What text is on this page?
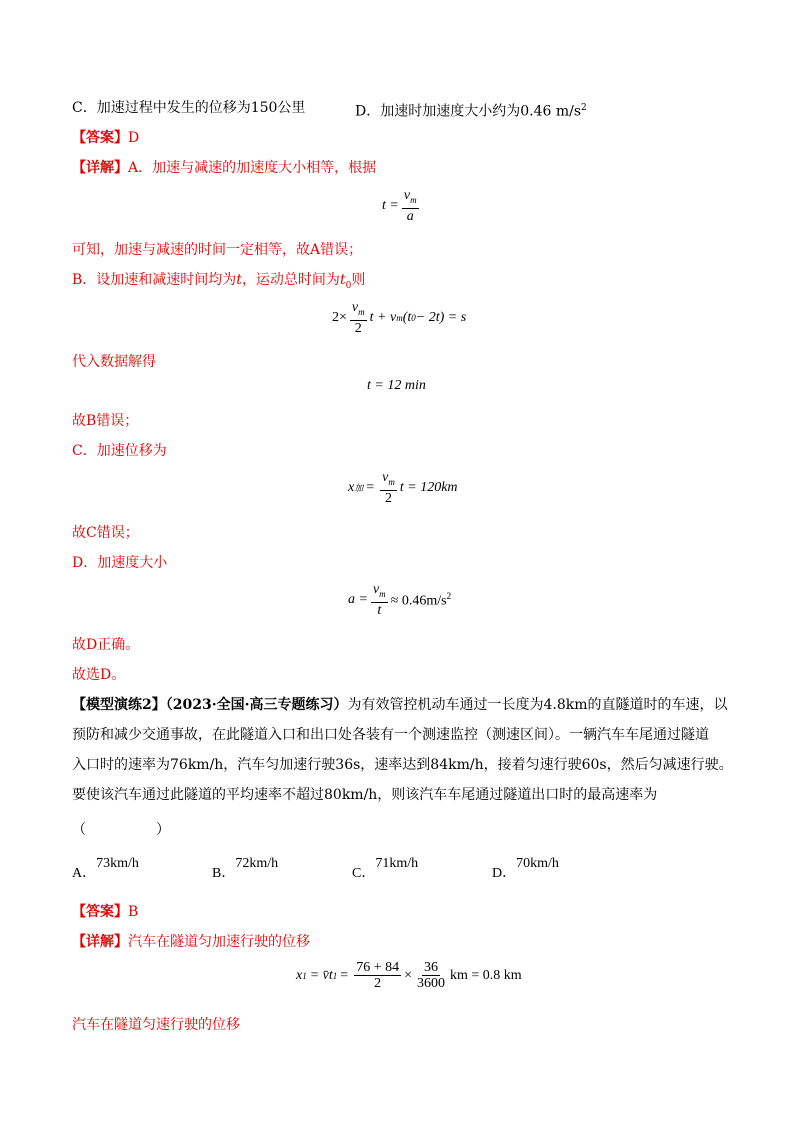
C．加速过程中发生的位移为150公里	D．加速时加速度大小约为0.46 $m/s^2$
【答案】D
【详解】A．加速与减速的加速度大小相等，根据
$t = \frac{v_m}{a}$
可知，加速与减速的时间一定相等，故A错误；
B．设加速和减速时间均为t，运动总时间为$t_0$则
$2\times \frac{v_m}{2}$ t + v m (t 0 − 2t) = s
代入数据解得
t = 12 min
故B错误；
C．加速位移为
x 加 = $\frac{v_m}{2}$ t = 120km
故C错误；
D．加速度大小
$a = \frac{v_m}{t} \approx 0.46m/s^2$
故D正确。
故选D。
【模型演练2】（2023·全国·高三专题练习）为有效管控机动车通过一长度为4.8km的直隧道时的车速，以
预防和减少交通事故，在此隧道入口和出口处各装有一个测速监控（测速区间）。一辆汽车车尾通过隧道
入口时的速率为76km/h，汽车匀加速行驶36s，速率达到84km/h，接着匀速行驶60s，然后匀减速行驶。
要使该汽车通过此隧道的平均速率不超过80km/h，则该汽车车尾通过隧道出口时的最高速率为
（　　　　　）
A．73km/h
B．72km/h
C．71km/h
D．70km/h
【答案】B
【详解】汽车在隧道匀加速行驶的位移
x 1 = v̄t $1 = \frac{76 + 84}{2} \times \frac{36}{3600}$ km = 0.8 km
汽车在隧道匀速行驶的位移
